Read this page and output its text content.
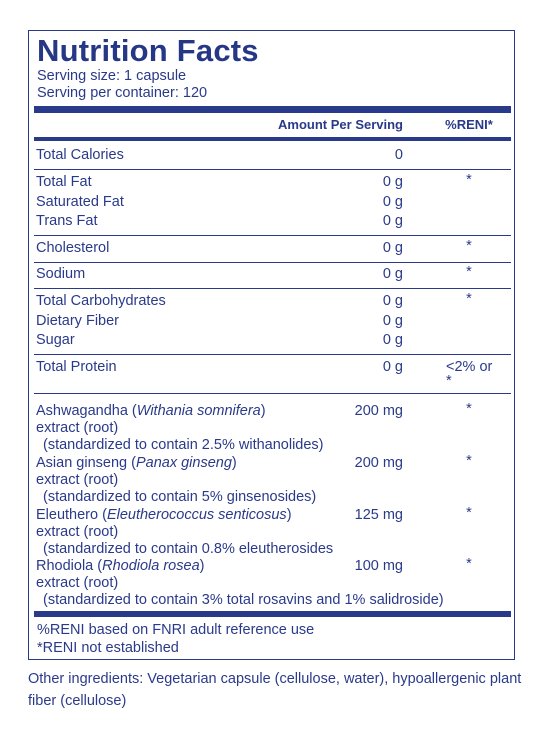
Nutrition Facts
Serving size: 1 capsule
Serving per container: 120
Amount Per Serving	%RENI*
Total Calories	0
Total Fat	0 g	*
Saturated Fat	0 g
Trans Fat	0 g
Cholesterol	0 g	*
Sodium	0 g	*
Total Carbohydrates	0 g	*
Dietary Fiber	0 g
Sugar	0 g
Total Protein	0 g	<2% or
*
Ashwagandha (Withania somnifera)	200 mg	*
extract (root)
(standardized to contain 2.5% withanolides)
Asian ginseng (Panax ginseng)	200 mg	*
extract (root)
(standardized to contain 5% ginsenosides)
Eleuthero (Eleutherococcus senticosus)	125 mg	*
extract (root)
(standardized to contain 0.8% eleutherosides
Rhodiola (Rhodiola rosea)	100 mg	*
extract (root)
(standardized to contain 3% total rosavins and 1% salidroside)
%RENI based on FNRI adult reference use
*RENI not established
Other ingredients: Vegetarian capsule (cellulose, water), hypoallergenic plant fiber (cellulose)
